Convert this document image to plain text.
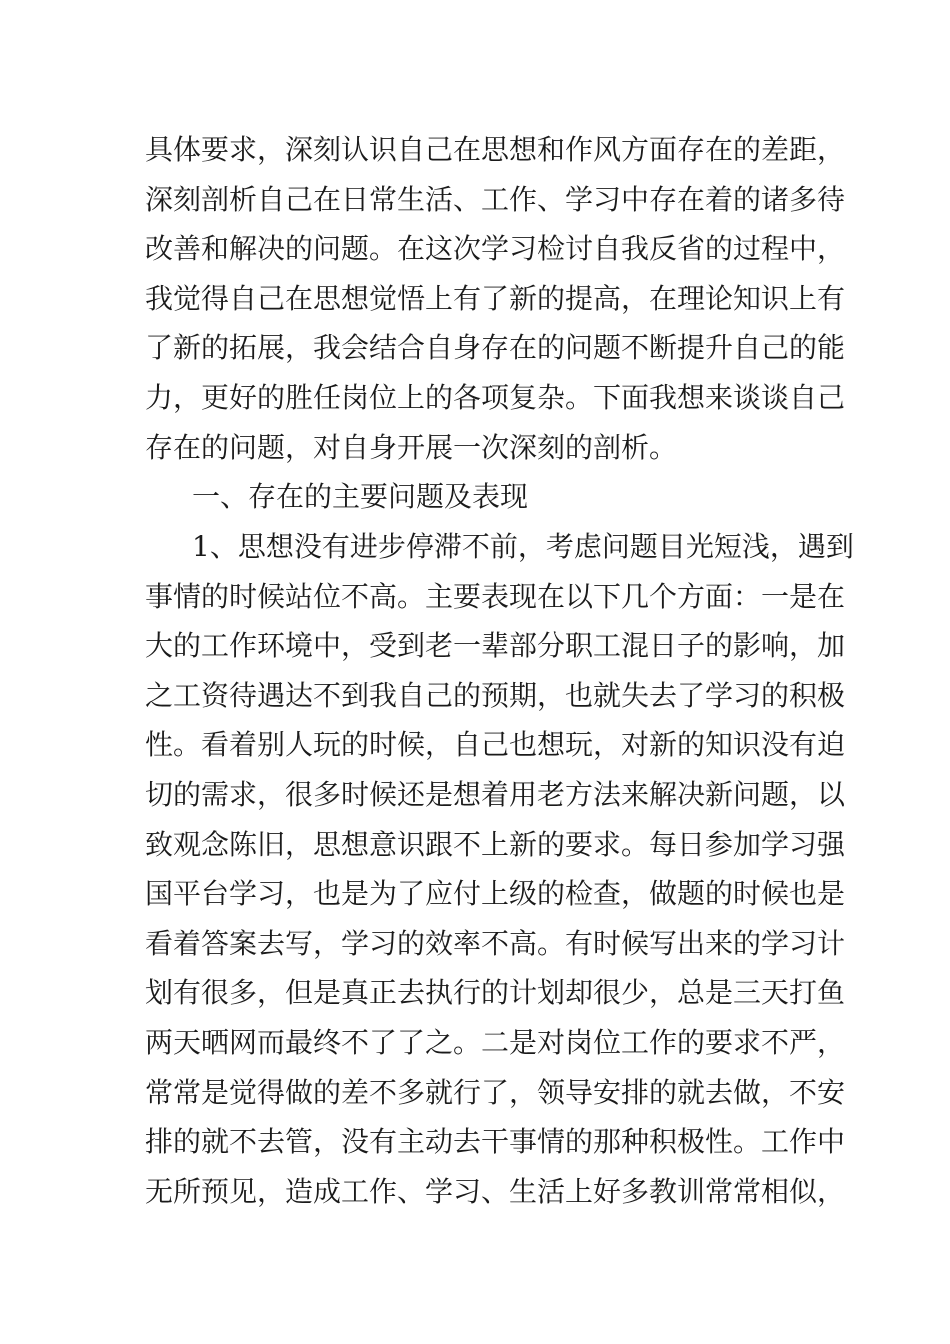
具体要求，深刻认识自己在思想和作风方面存在的差距，
深刻剖析自己在日常生活、工作、学习中存在着的诸多待
改善和解决的问题。在这次学习检讨自我反省的过程中，
我觉得自己在思想觉悟上有了新的提高，在理论知识上有
了新的拓展，我会结合自身存在的问题不断提升自己的能
力，更好的胜任岗位上的各项复杂。下面我想来谈谈自己
存在的问题，对自身开展一次深刻的剖析。
一、存在的主要问题及表现
1、思想没有进步停滞不前，考虑问题目光短浅，遇到
事情的时候站位不高。主要表现在以下几个方面：一是在
大的工作环境中，受到老一辈部分职工混日子的影响，加
之工资待遇达不到我自己的预期，也就失去了学习的积极
性。看着别人玩的时候，自己也想玩，对新的知识没有迫
切的需求，很多时候还是想着用老方法来解决新问题，以
致观念陈旧，思想意识跟不上新的要求。每日参加学习强
国平台学习，也是为了应付上级的检查，做题的时候也是
看着答案去写，学习的效率不高。有时候写出来的学习计
划有很多，但是真正去执行的计划却很少，总是三天打鱼
两天晒网而最终不了了之。二是对岗位工作的要求不严，
常常是觉得做的差不多就行了，领导安排的就去做，不安
排的就不去管，没有主动去干事情的那种积极性。工作中
无所预见，造成工作、学习、生活上好多教训常常相似，
